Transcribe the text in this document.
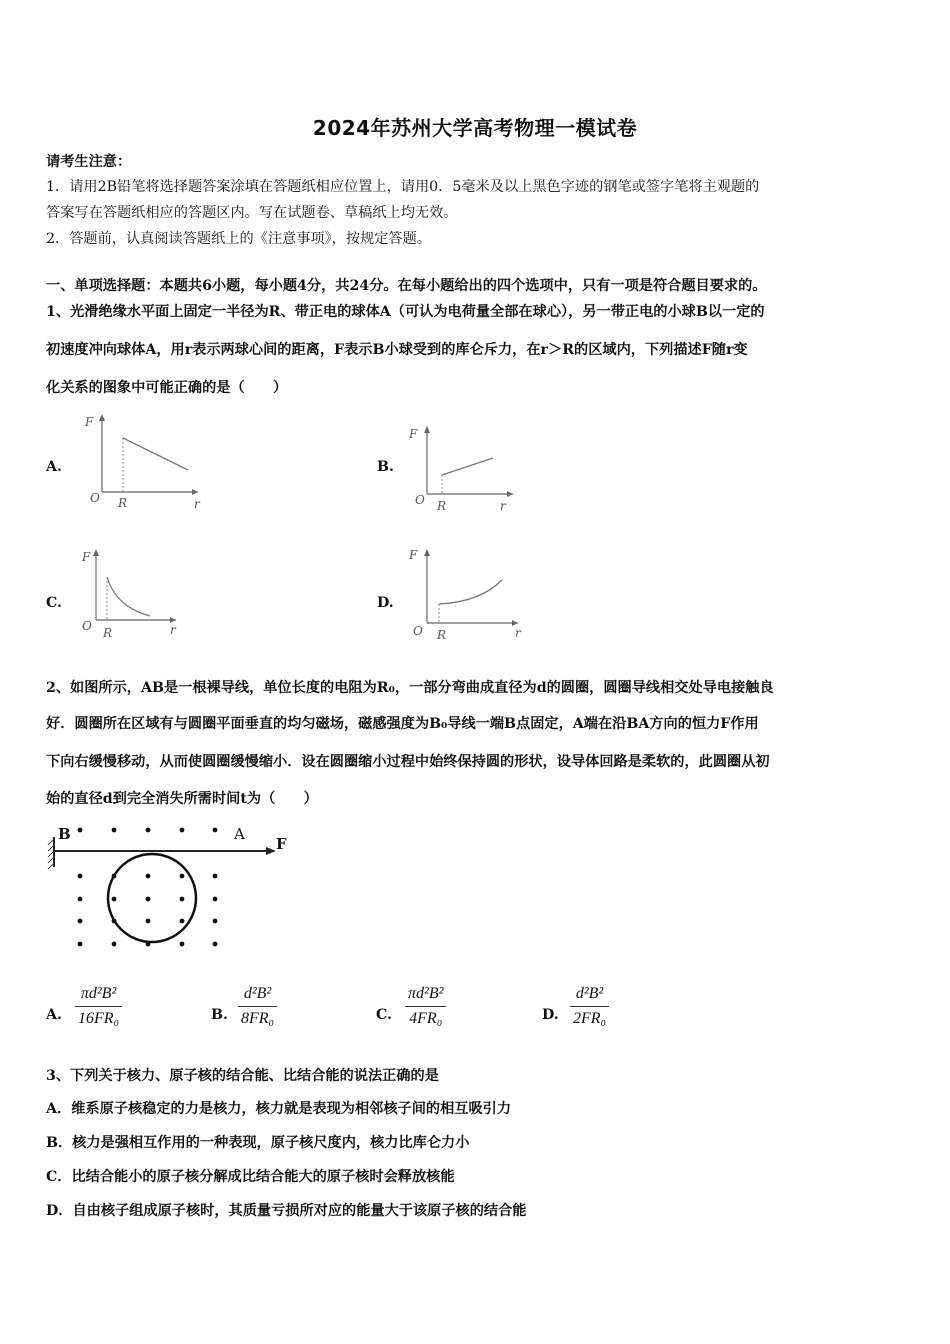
2024年苏州大学高考物理一模试卷
请考生注意：
1．请用2B铅笔将选择题答案涂填在答题纸相应位置上，请用0．5毫米及以上黑色字迹的钢笔或签字笔将主观题的
答案写在答题纸相应的答题区内。写在试题卷、草稿纸上均无效。
2．答题前，认真阅读答题纸上的《注意事项》，按规定答题。
一、单项选择题：本题共6小题，每小题4分，共24分。在每小题给出的四个选项中，只有一项是符合题目要求的。
1、光滑绝缘水平面上固定一半径为R、带正电的球体A（可认为电荷量全部在球心），另一带正电的小球B以一定的
初速度冲向球体A，用r表示两球心间的距离，F表示B小球受到的库仑斥力，在r＞R的区域内，下列描述F随r变
化关系的图象中可能正确的是（　　）
A.	B.
C.	D.
F
O R	r
F
O R	r
F
O R	r
F
O R	r
2、如图所示，AB是一根裸导线，单位长度的电阻为R₀，一部分弯曲成直径为d的圆圈，圆圈导线相交处导电接触良
好．圆圈所在区域有与圆圈平面垂直的均匀磁场，磁感强度为B₀导线一端B点固定，A端在沿BA方向的恒力F作用
下向右缓慢移动，从而使圆圈缓慢缩小．设在圆圈缩小过程中始终保持圆的形状，设导体回路是柔软的，此圆圈从初
始的直径d到完全消失所需时间t为（　　）
B	A
F
A. $\frac{\text{πd²B²}}{\text{16FR₀}}$	B. $\frac{\text{d²B²}}{\text{8FR₀}}$	C. $\frac{\text{πd²B²}}{\text{4FR₀}}$	D. $\frac{\text{d²B²}}{\text{2FR₀}}$
3、下列关于核力、原子核的结合能、比结合能的说法正确的是
A．维系原子核稳定的力是核力，核力就是表现为相邻核子间的相互吸引力
B．核力是强相互作用的一种表现，原子核尺度内，核力比库仑力小
C．比结合能小的原子核分解成比结合能大的原子核时会释放核能
D．自由核子组成原子核时，其质量亏损所对应的能量大于该原子核的结合能
